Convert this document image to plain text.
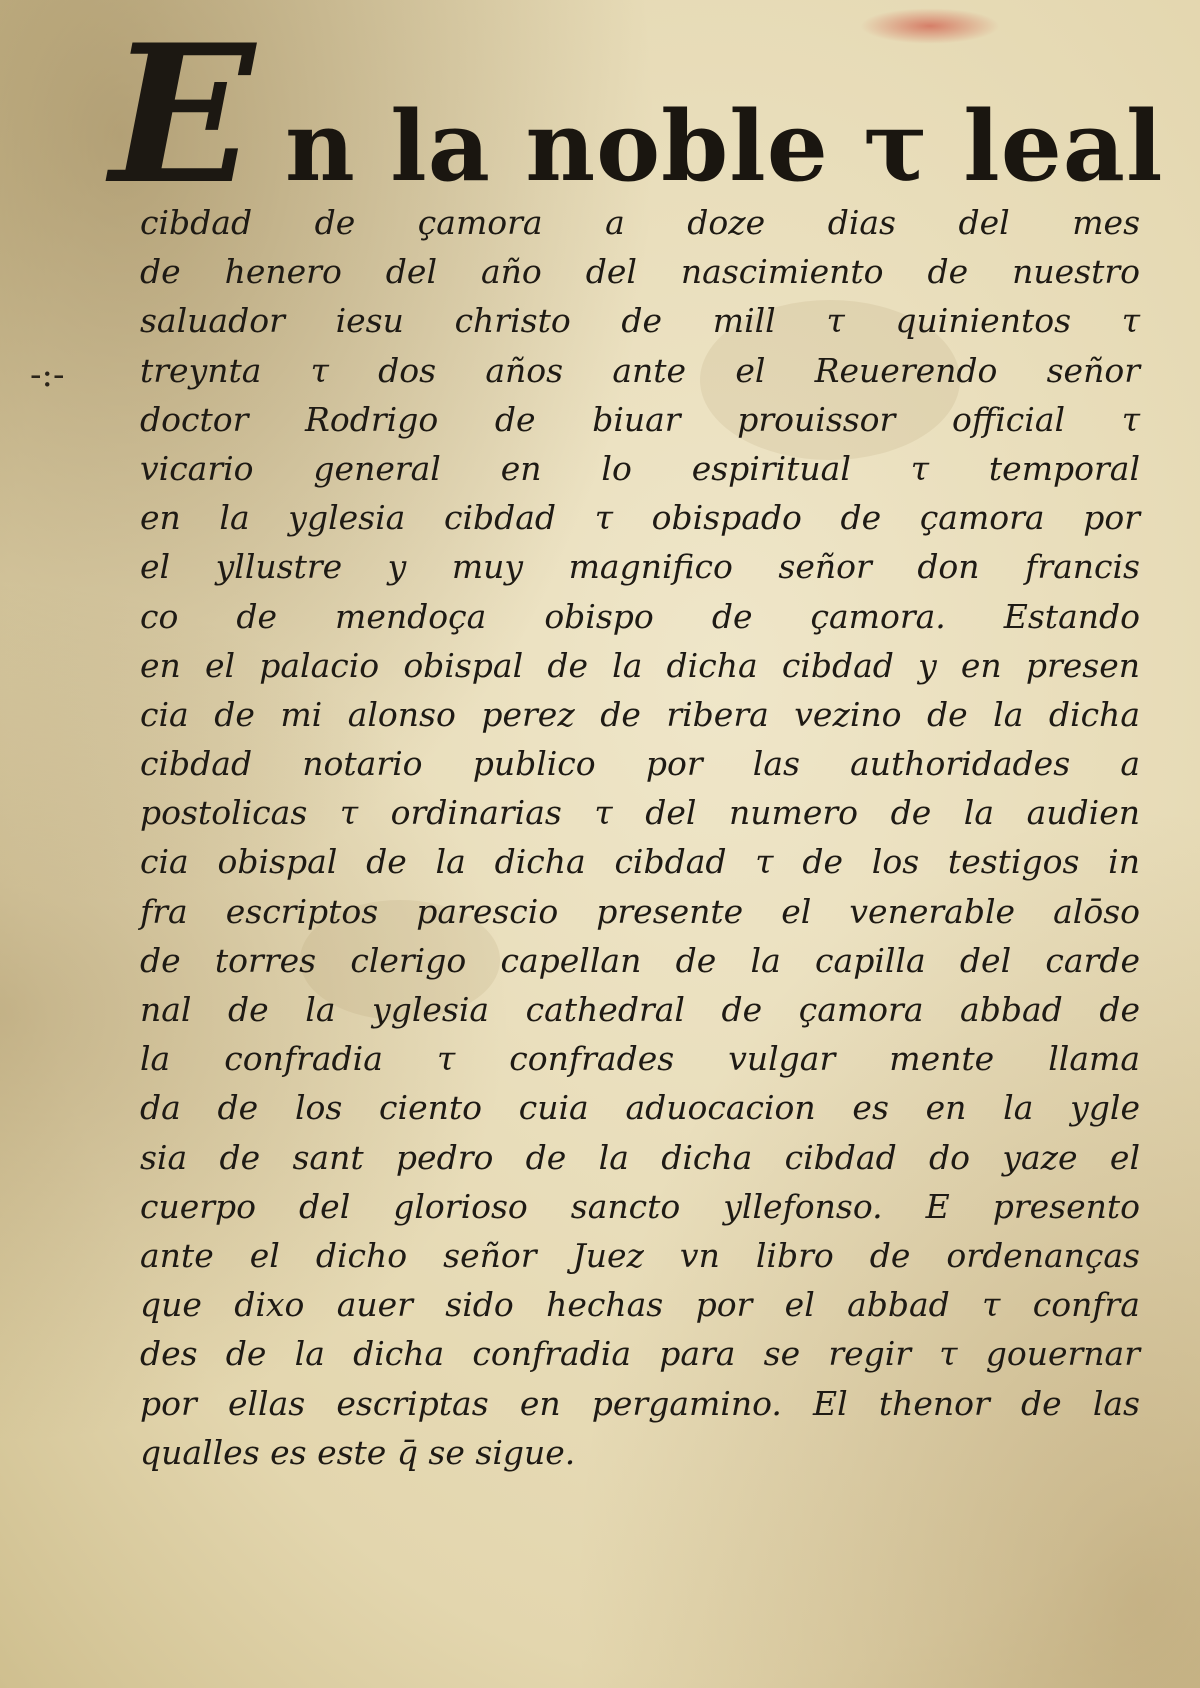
E n la noble τ leal
-:-
cibdad de çamora a doze dias del mes
de henero del año del nascimiento de nuestro
saluador iesu christo de mill τ quinientos τ
treynta τ dos años ante el Reuerendo señor
doctor Rodrigo de biuar prouissor official τ
vicario general en lo espiritual τ temporal
en la yglesia cibdad τ obispado de çamora por
el yllustre y muy magnifico señor don francis
co de mendoça obispo de çamora. Estando
en el palacio obispal de la dicha cibdad y en presen
cia de mi alonso perez de ribera vezino de la dicha
cibdad notario publico por las authoridades a
postolicas τ ordinarias τ del numero de la audien
cia obispal de la dicha cibdad τ de los testigos in
fra escriptos parescio presente el venerable alōso
de torres clerigo capellan de la capilla del carde
nal de la yglesia cathedral de çamora abbad de
la confradia τ confrades vulgar mente llama
da de los ciento cuia aduocacion es en la ygle
sia de sant pedro de la dicha cibdad do yaze el
cuerpo del glorioso sancto yllefonso. E presento
ante el dicho señor Juez vn libro de ordenanças
que dixo auer sido hechas por el abbad τ confra
des de la dicha confradia para se regir τ gouernar
por ellas escriptas en pergamino. El thenor de las
qualles es este q̄ se sigue.
